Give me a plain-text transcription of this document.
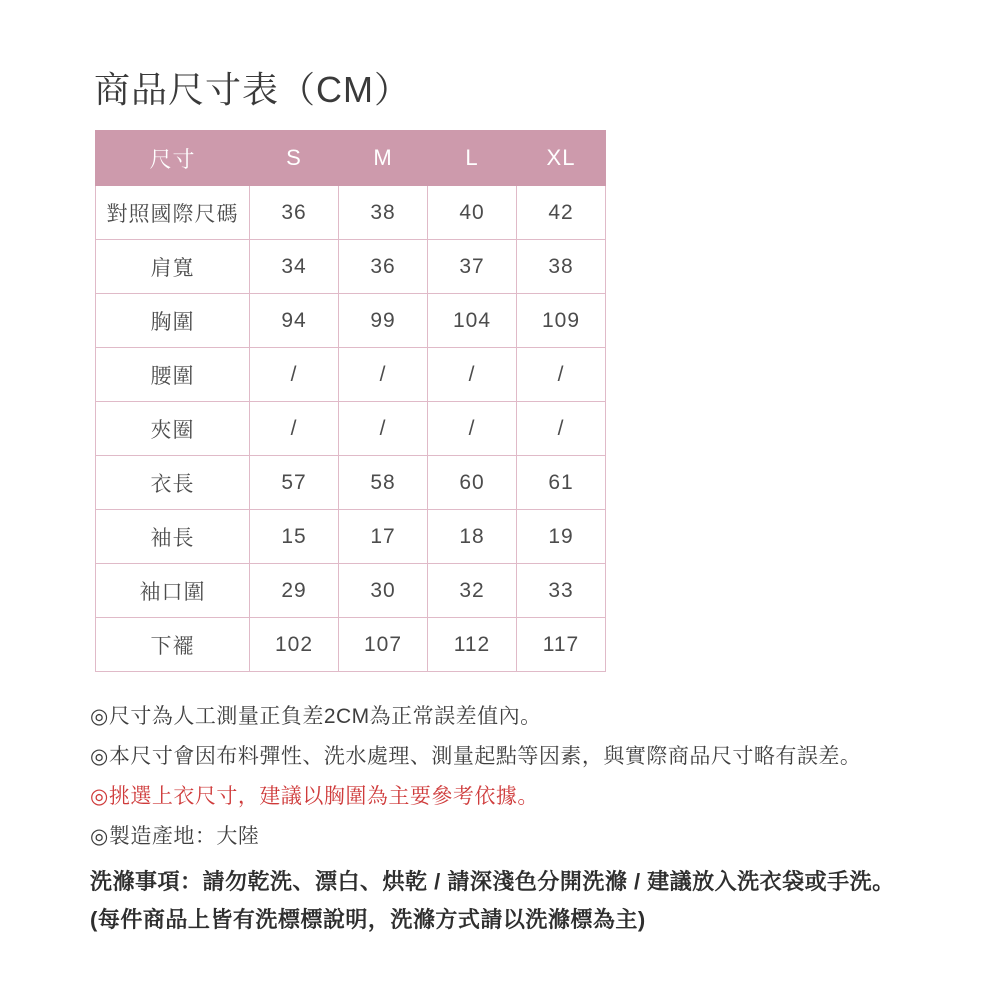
商品尺寸表（CM）
尺寸	S	M	L	XL
對照國際尺碼	36	38	40	42
肩寬	34	36	37	38
胸圍	94	99	104	109
腰圍	/	/	/	/
夾圈	/	/	/	/
衣長	57	58	60	61
袖長	15	17	18	19
袖口圍	29	30	32	33
下襬	102	107	112	117
◎尺寸為人工測量正負差2CM為正常誤差值內。
◎本尺寸會因布料彈性、洗水處理、測量起點等因素，與實際商品尺寸略有誤差。
◎挑選上衣尺寸，建議以胸圍為主要參考依據。
◎製造產地：大陸
洗滌事項：請勿乾洗、漂白、烘乾 / 請深淺色分開洗滌 / 建議放入洗衣袋或手洗。
(每件商品上皆有洗標標說明，洗滌方式請以洗滌標為主)
